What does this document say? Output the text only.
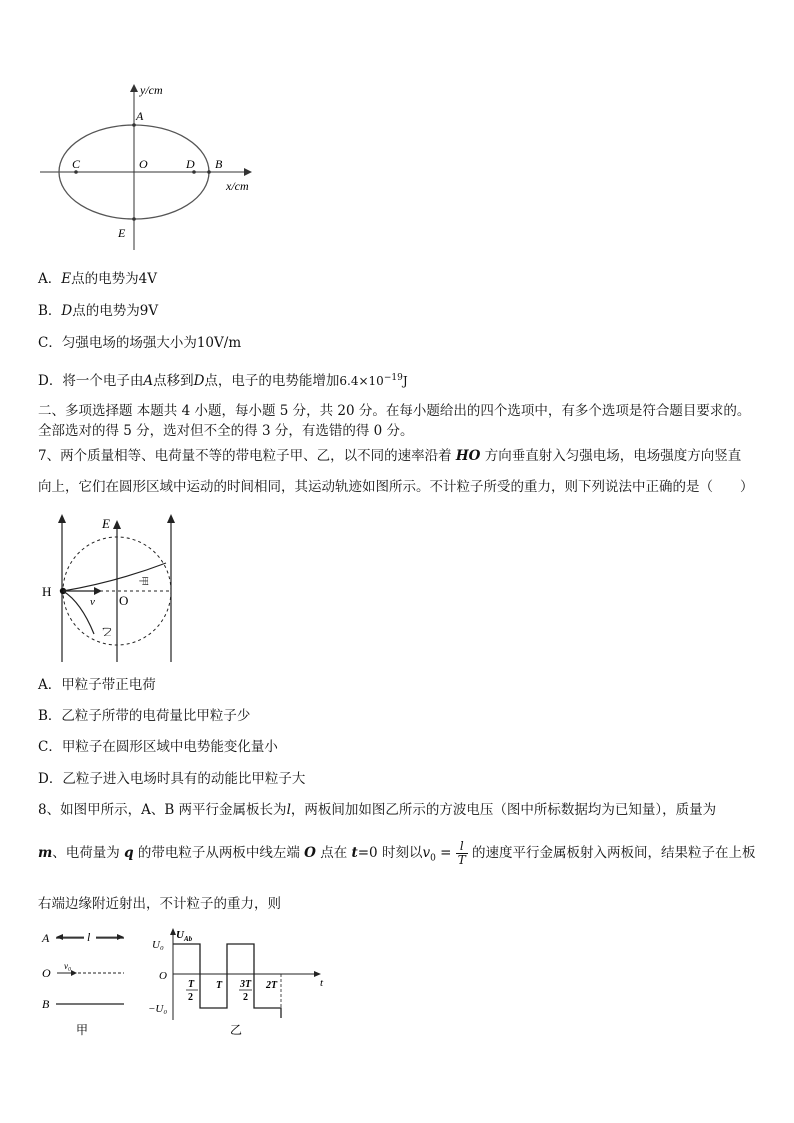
y/cm
x/cm
A
B
C	D
O
E
A．E点的电势为4V
B．D点的电势为9V
C．匀强电场的场强大小为10V/m
D．将一个电子由A点移到D点，电子的电势能增加$6.4\times 10^{-19}J$
二、多项选择题 本题共 4 小题，每小题 5 分，共 20 分。在每小题给出的四个选项中，有多个选项是符合题目要求的。
全部选对的得 5 分，选对但不全的得 3 分，有选错的得 0 分。
7、两个质量相等、电荷量不等的带电粒子甲、乙，以不同的速率沿着 HO 方向垂直射入匀强电场，电场强度方向竖直
向上，它们在圆形区域中运动的时间相同，其运动轨迹如图所示。不计粒子所受的重力，则下列说法中正确的是（　　）
E
H
O
v
甲
乙
A．甲粒子带正电荷
B．乙粒子所带的电荷量比甲粒子少
C．甲粒子在圆形区域中电势能变化量小
D．乙粒子进入电场时具有的动能比甲粒子大
8、如图甲所示，A、B 两平行金属板长为l，两板间加如图乙所示的方波电压（图中所标数据均为已知量），质量为
m、电荷量为 q 的带电粒子从两板中线左端 O 点在 t=0 时刻以$v_0 = \frac{l}{T}$ 的速度平行金属板射入两板间，结果粒子在上板
右端边缘附近射出，不计粒子的重力，则
A	l
O v₀
B
甲
$U_{Ab}$
U₀
O
−U₀
t
T
2
T 3T
2
2T
乙
